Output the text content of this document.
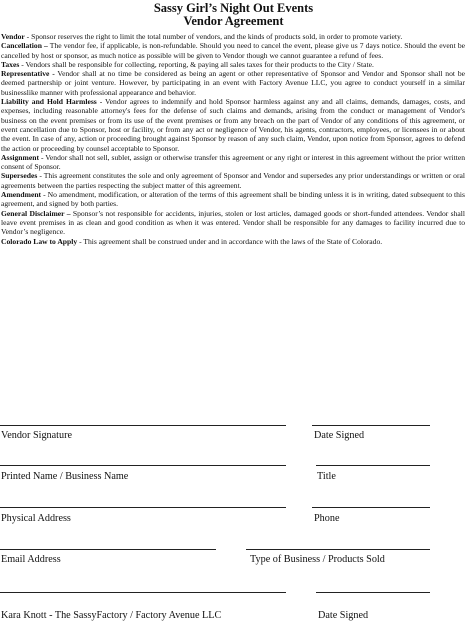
Sassy Girl’s Night Out Events
Vendor Agreement

Vendor - Sponsor reserves the right to limit the total number of vendors, and the kinds of products sold, in order to promote variety.

Cancellation – The vendor fee, if applicable, is non-refundable. Should you need to cancel the event, please give us 7 days notice. Should the event be cancelled by host or sponsor, as much notice as possible will be given to Vendor though we cannot guarantee a refund of fees.

Taxes - Vendors shall be responsible for collecting, reporting, & paying all sales taxes for their products to the City / State.

Representative - Vendor shall at no time be considered as being an agent or other representative of Sponsor and Vendor and Sponsor shall not be deemed partnership or joint venture. However, by participating in an event with Factory Avenue LLC, you agree to conduct yourself in a similar businesslike manner with professional appearance and behavior.

Liability and Hold Harmless - Vendor agrees to indemnify and hold Sponsor harmless against any and all claims, demands, damages, costs, and expenses, including reasonable attorney's fees for the defense of such claims and demands, arising from the conduct or management of Vendor's business on the event premises or from its use of the event premises or from any breach on the part of Vendor of any conditions of this agreement, or event cancellation due to Sponsor, host or facility, or from any act or negligence of Vendor, his agents, contractors, employees, or licensees in or about the event. In case of any, action or proceeding brought against Sponsor by reason of any such claim, Vendor, upon notice from Sponsor, agrees to defend the action or proceeding by counsel acceptable to Sponsor.

Assignment - Vendor shall not sell, sublet, assign or otherwise transfer this agreement or any right or interest in this agreement without the prior written consent of Sponsor.

Supersedes - This agreement constitutes the sole and only agreement of Sponsor and Vendor and supersedes any prior understandings or written or oral agreements between the parties respecting the subject matter of this agreement.

Amendment - No amendment, modification, or alteration of the terms of this agreement shall be binding unless it is in writing, dated subsequent to this agreement, and signed by both parties.

General Disclaimer – Sponsor’s not responsible for accidents, injuries, stolen or lost articles, damaged goods or short-funded attendees. Vendor shall leave event premises in as clean and good condition as when it was entered. Vendor shall be responsible for any damages to facility incurred due to Vendor’s negligence.

Colorado Law to Apply - This agreement shall be construed under and in accordance with the laws of the State of Colorado.

Vendor Signature	Date Signed
Printed Name / Business Name	Title
Physical Address	Phone
Email Address	Type of Business / Products Sold
Kara Knott - The SassyFactory / Factory Avenue LLC	Date Signed
